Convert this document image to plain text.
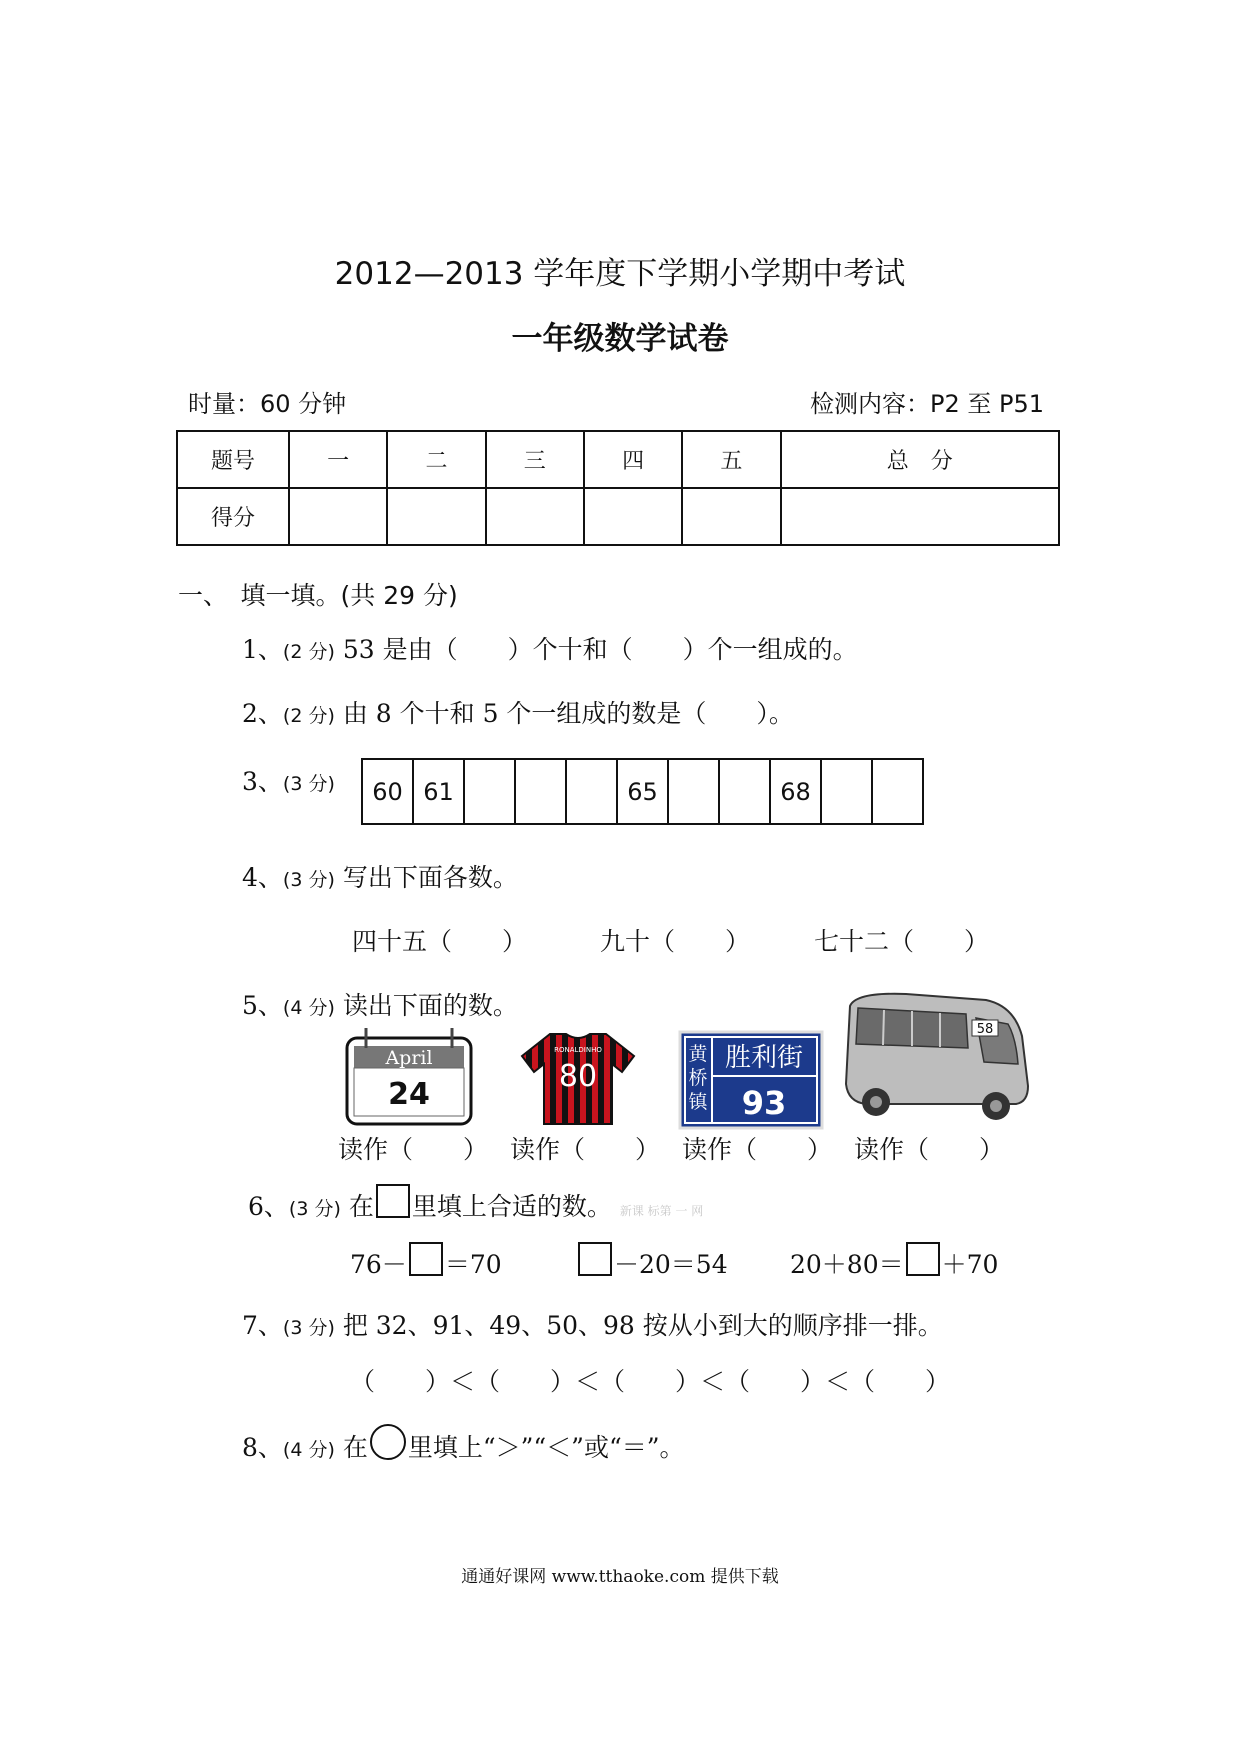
2012—2013 学年度下学期小学期中考试
一年级数学试卷
时量：60 分钟	检测内容：P2 至 P51
题号	一	二	三	四	五	总　分
得分						
一、　填一填。(共 29 分)
1、(2 分) 53 是由（　　）个十和（　　）个一组成的。
2、(2 分) 由 8 个十和 5 个一组成的数是（　　）。
3、(3 分) 60	61				65			68		
4、(3 分) 写出下面各数。
四十五（　　）	九十（　　）	七十二（　　）
5、(4 分) 读出下面的数。
April
24
RONALDINHO
80
黄桥镇
胜利街
93
58
读作（　　） 读作（　　） 读作（　　） 读作（　　）
6、(3 分) 在 里填上合适的数。 新课 标第 一 网
76－ ＝70	－20＝54 20＋80＝ ＋70
7、(3 分) 把 32、91、49、50、98 按从小到大的顺序排一排。
（　　）＜（　　）＜（　　）＜（　　）＜（　　）
8、(4 分) 在 里填上“＞”“＜”或“＝”。
通通好课网 www.tthaoke.com 提供下载
